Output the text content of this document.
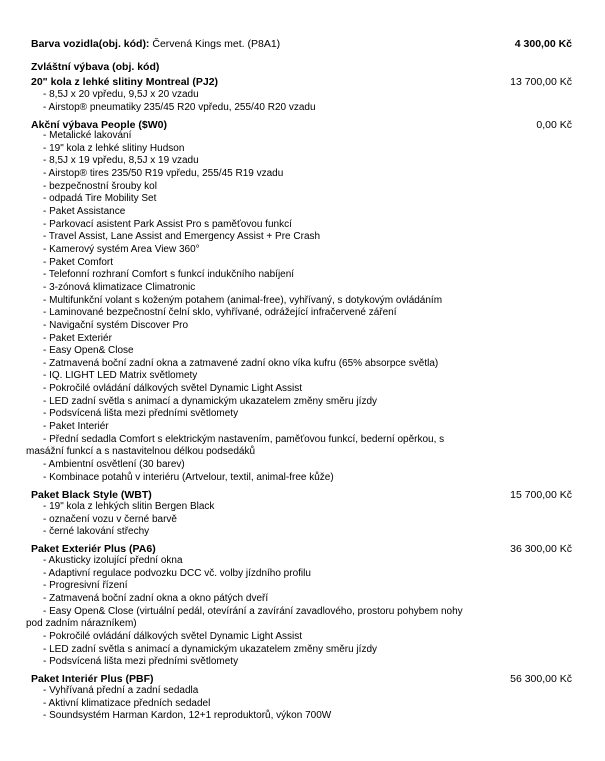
Barva vozidla(obj. kód): Červená Kings met. (P8A1)	4 300,00 Kč
Zvláštní výbava (obj. kód)
20" kola z lehké slitiny Montreal (PJ2)	13 700,00 Kč
- 8,5J x 20 vpředu, 9,5J x 20 vzadu
- Airstop® pneumatiky 235/45 R20 vpředu, 255/40 R20 vzadu
Akční výbava People ($W0)	0,00 Kč
- Metalické lakování
- 19" kola z lehké slitiny Hudson
- 8,5J x 19 vpředu, 8,5J x 19 vzadu
- Airstop® tires 235/50 R19 vpředu, 255/45 R19 vzadu
- bezpečnostní šrouby kol
- odpadá Tire Mobility Set
- Paket Assistance
- Parkovací asistent Park Assist Pro s paměťovou funkcí
- Travel Assist, Lane Assist and Emergency Assist + Pre Crash
- Kamerový systém Area View 360°
- Paket Comfort
- Telefonní rozhraní Comfort s funkcí indukčního nabíjení
- 3-zónová klimatizace Climatronic
- Multifunkční volant s koženým potahem (animal-free), vyhřívaný, s dotykovým ovládáním
- Laminované bezpečnostní čelní sklo, vyhřívané, odrážející infračervené záření
- Navigační systém Discover Pro
- Paket Exteriér
- Easy Open& Close
- Zatmavená boční zadní okna a zatmavené zadní okno víka kufru (65% absorpce světla)
- IQ. LIGHT LED Matrix světlomety
- Pokročilé ovládání dálkových světel Dynamic Light Assist
- LED zadní světla s animací a dynamickým ukazatelem změny směru jízdy
- Podsvícená lišta mezi předními světlomety
- Paket Interiér
- Přední sedadla Comfort s elektrickým nastavením, paměťovou funkcí, bederní opěrkou, s
masážní funkcí a s nastavitelnou délkou podsedáků
- Ambientní osvětlení (30 barev)
- Kombinace potahů v interiéru (Artvelour, textil, animal-free kůže)
Paket Black Style (WBT)	15 700,00 Kč
- 19" kola z lehkých slitin Bergen Black
- označení vozu v černé barvě
- černé lakování střechy
Paket Exteriér Plus (PA6)	36 300,00 Kč
- Akusticky izolující přední okna
- Adaptivní regulace podvozku DCC vč. volby jízdního profilu
- Progresivní řízení
- Zatmavená boční zadní okna a okno pátých dveří
- Easy Open& Close (virtuální pedál, otevírání a zavírání zavadlového, prostoru pohybem nohy
pod zadním nárazníkem)
- Pokročilé ovládání dálkových světel Dynamic Light Assist
- LED zadní světla s animací a dynamickým ukazatelem změny směru jízdy
- Podsvícená lišta mezi předními světlomety
Paket Interiér Plus (PBF)	56 300,00 Kč
- Vyhřívaná přední a zadní sedadla
- Aktivní klimatizace předních sedadel
- Soundsystém Harman Kardon, 12+1 reproduktorů, výkon 700W
